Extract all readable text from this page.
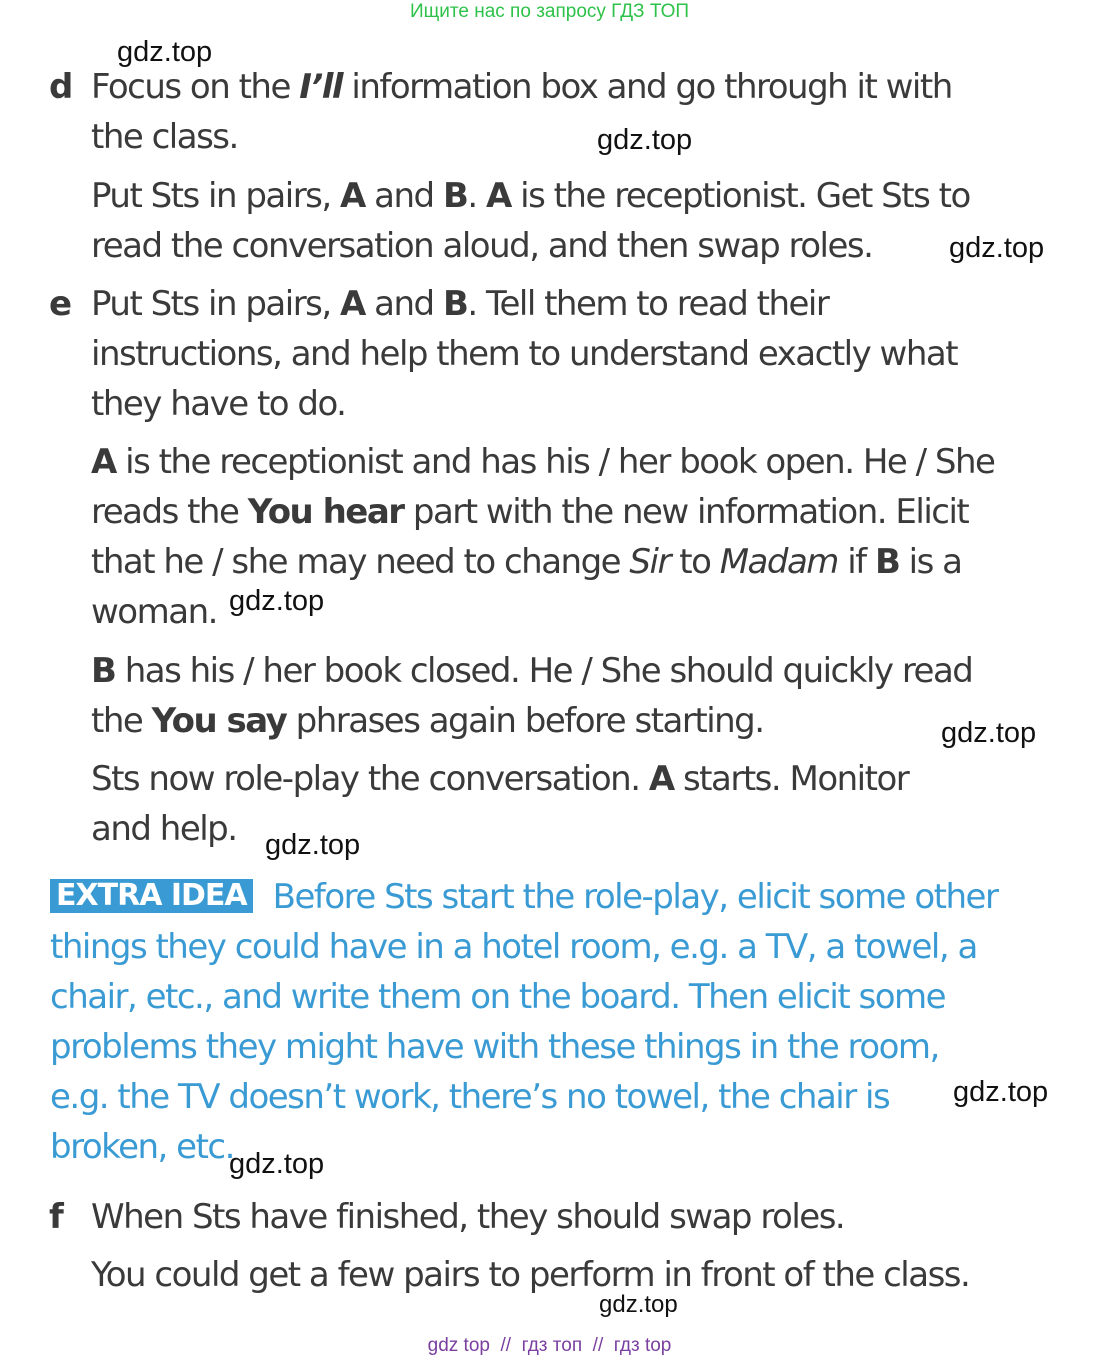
Ищите нас по запросу ГДЗ ТОП
d Focus on the I’ll information box and go through it with
the class.
Put Sts in pairs, A and B. A is the receptionist. Get Sts to
read the conversation aloud, and then swap roles.
e Put Sts in pairs, A and B. Tell them to read their
instructions, and help them to understand exactly what
they have to do.
A is the receptionist and has his / her book open. He / She
reads the You hear part with the new information. Elicit
that he / she may need to change Sir to Madam if B is a
woman.
B has his / her book closed. He / She should quickly read
the You say phrases again before starting.
Sts now role-play the conversation. A starts. Monitor
and help.
EXTRA IDEA Before Sts start the role-play, elicit some other
things they could have in a hotel room, e.g. a TV, a towel, a
chair, etc., and write them on the board. Then elicit some
problems they might have with these things in the room,
e.g. the TV doesn’t work, there’s no towel, the chair is
broken, etc.
f When Sts have finished, they should swap roles.
You could get a few pairs to perform in front of the class.
gdz.top
gdz.top
gdz.top
gdz.top
gdz.top
gdz.top
gdz.top
gdz.top
gdz.top
gdz top  //  гдз топ  //  гдз top
